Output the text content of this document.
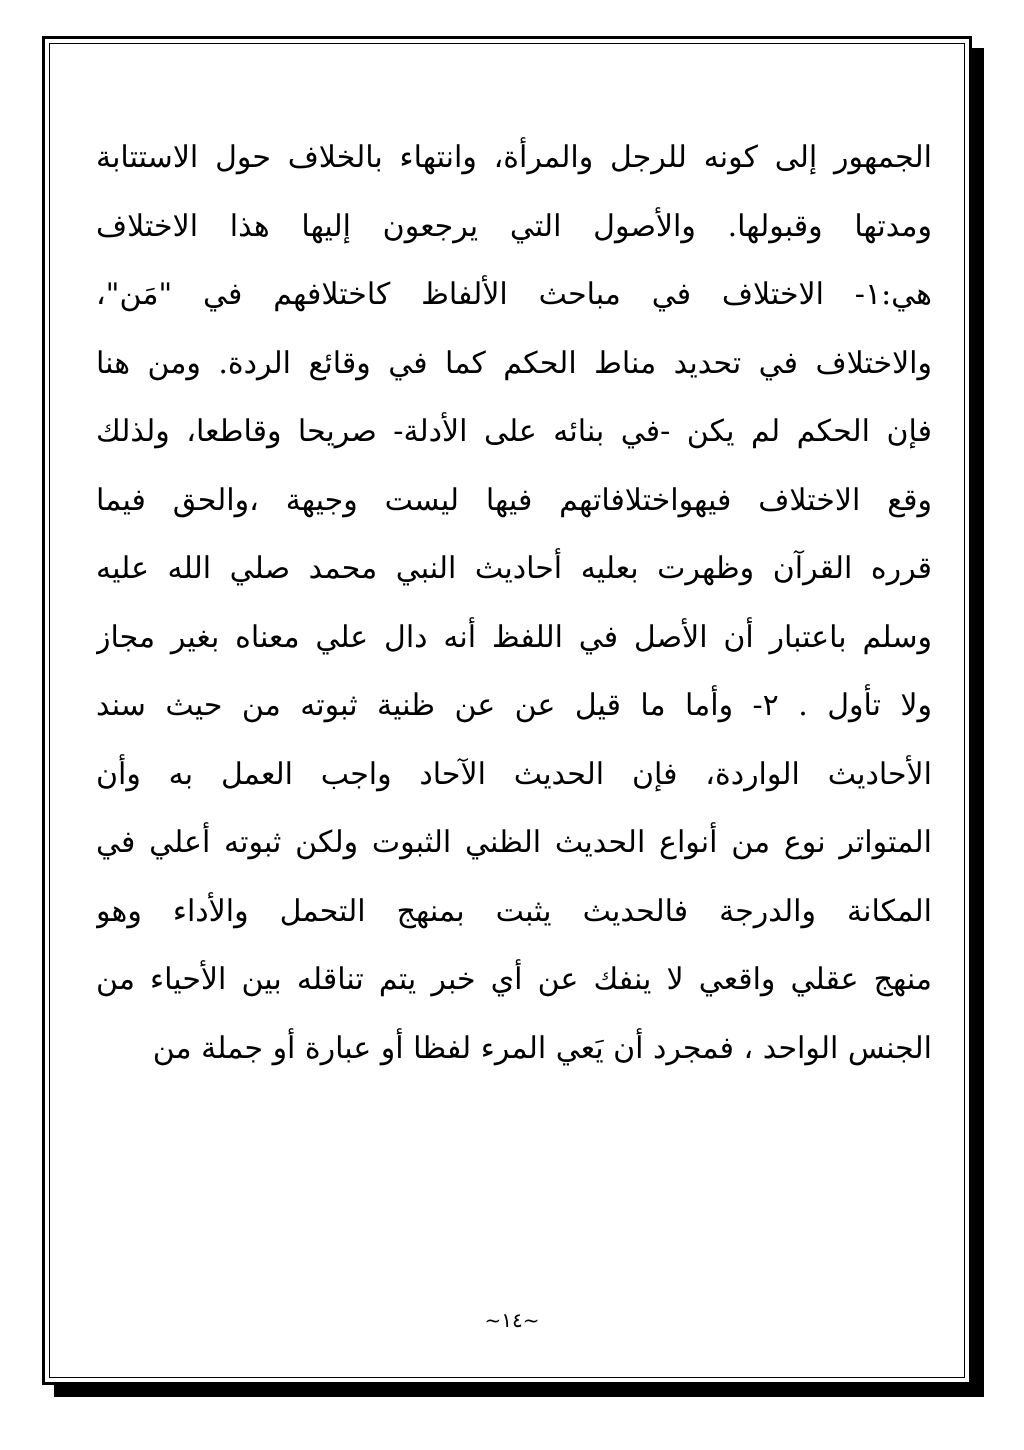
الجمهور إلى كونه للرجل والمرأة، وانتهاء بالخلاف حول الاستتابة
ومدتها وقبولها. والأصول التي يرجعون إليها هذا الاختلاف
هي:١- الاختلاف في مباحث الألفاظ كاختلافهم في "مَن"،
والاختلاف في تحديد مناط الحكم كما في وقائع الردة. ومن هنا
فإن الحكم لم يكن -في بنائه على الأدلة- صريحا وقاطعا، ولذلك
وقع الاختلاف فيهواختلافاتهم فيها ليست وجيهة ،والحق فيما
قرره القرآن وظهرت بعليه أحاديث النبي محمد صلي الله عليه
وسلم باعتبار أن الأصل في اللفظ أنه دال علي معناه بغير مجاز
ولا تأول . ٢- وأما ما قيل عن عن ظنية ثبوته من حيث سند
الأحاديث الواردة، فإن الحديث الآحاد واجب العمل به وأن
المتواتر نوع من أنواع الحديث الظني الثبوت ولكن ثبوته أعلي في
المكانة والدرجة فالحديث يثبت بمنهج التحمل والأداء وهو
منهج عقلي واقعي لا ينفك عن أي خبر يتم تناقله بين الأحياء من
الجنس الواحد ، فمجرد أن يَعي المرء لفظا أو عبارة أو جملة من
~١٤~
